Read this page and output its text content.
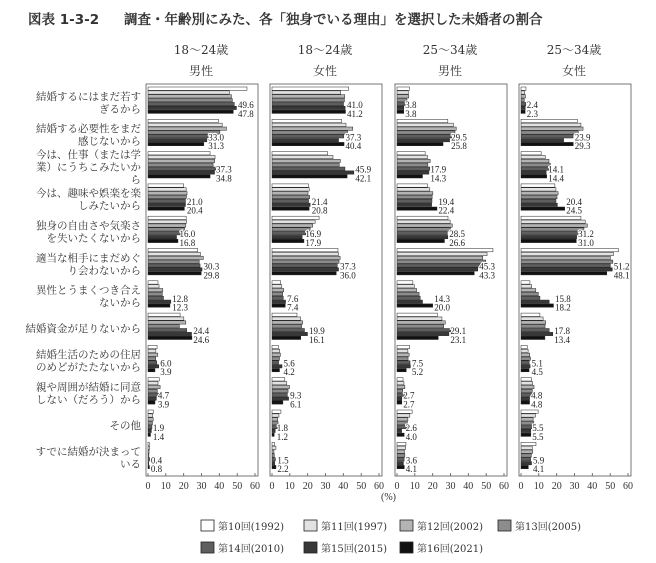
図表 1-3-2 調査・年齢別にみた、各「独身でいる理由」を選択した未婚者の割合
18〜24歳
男性
18〜24歳
女性
25〜34歳
男性
25〜34歳
女性
(%)
第10回(1992)	第11回(1997)	第12回(2002)	第13回(2005)
第14回(2010)	第15回(2015)	第16回(2021)
結婚するにはまだ若す
ぎるから
結婚する必要性をまだ
感じないから
今は、仕事（または学
業）にうちこみたいか
ら
今は、趣味や娯楽を楽
しみたいから
独身の自由さや気楽さ
を失いたくないから
適当な相手にまだめぐ
り会わないから
異性とうまくつき合え
ないから
結婚資金が足りないから
結婚生活のための住居
のめどがたたないから
親や周囲が結婚に同意
しない（だろう）から
その他
すでに結婚が決まって
いる
49.6
47.8
33.0
31.3
37.3
34.8
21.0
20.4
16.0
16.8
30.3
29.8
12.8
12.3
24.4
24.6
6.0
3.9
4.7
3.9
1.9
1.4
0.4
0.8
0 10 20 30 40 50 60
41.0
41.2
37.3
40.4
45.9
42.1
21.4
20.8
16.9
17.9
37.3
36.0
7.6
7.4
19.9
16.1
5.6
4.2
9.3
6.1
1.8
1.2
1.5
2.2
0 10 20 30 40 50 60
3.8
3.8
29.5
25.8
17.9
14.3
19.4
22.4
28.5
26.6
45.3
43.3
14.3
20.0
29.1
23.1
7.5
5.2
2.7
2.7
2.6
4.0
3.6
4.1
0 10 20 30 40 50 60
2.4
2.3
23.9
29.3
14.1
14.4
20.4
24.5
31.2
31.0
51.2
48.1
15.8
18.2
17.8
13.4
5.1
4.5
4.8
4.8
5.5
5.5
5.9
4.1
0 10 20 30 40 50 60
